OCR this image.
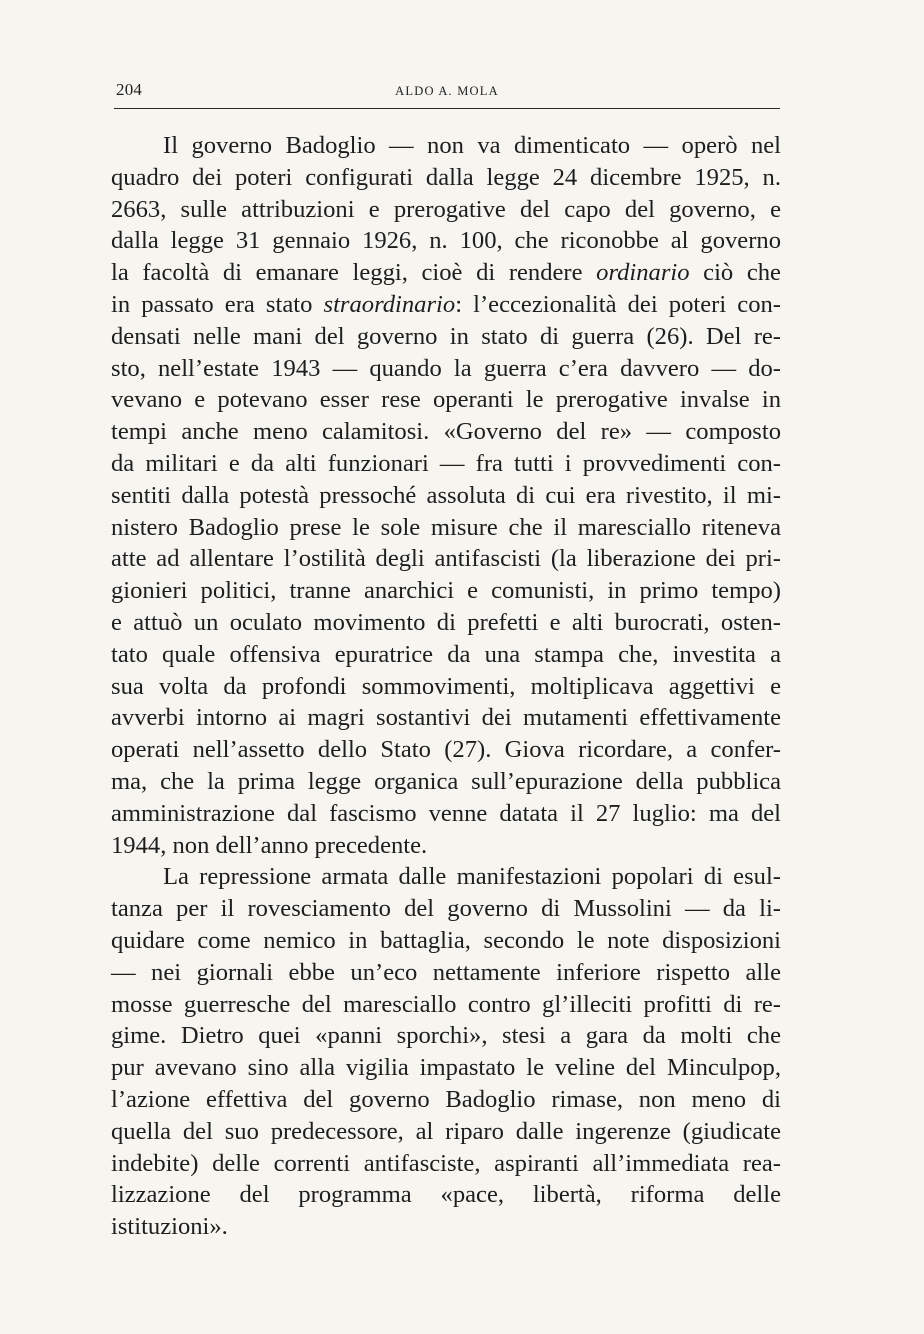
204	ALDO A. MOLA
Il governo Badoglio — non va dimenticato — operò nel
quadro dei poteri configurati dalla legge 24 dicembre 1925, n.
2663, sulle attribuzioni e prerogative del capo del governo, e
dalla legge 31 gennaio 1926, n. 100, che riconobbe al governo
la facoltà di emanare leggi, cioè di rendere ordinario ciò che
in passato era stato straordinario: l’eccezionalità dei poteri con-
densati nelle mani del governo in stato di guerra (26). Del re-
sto, nell’estate 1943 — quando la guerra c’era davvero — do-
vevano e potevano esser rese operanti le prerogative invalse in
tempi anche meno calamitosi. «Governo del re» — composto
da militari e da alti funzionari — fra tutti i provvedimenti con-
sentiti dalla potestà pressoché assoluta di cui era rivestito, il mi-
nistero Badoglio prese le sole misure che il maresciallo riteneva
atte ad allentare l’ostilità degli antifascisti (la liberazione dei pri-
gionieri politici, tranne anarchici e comunisti, in primo tempo)
e attuò un oculato movimento di prefetti e alti burocrati, osten-
tato quale offensiva epuratrice da una stampa che, investita a
sua volta da profondi sommovimenti, moltiplicava aggettivi e
avverbi intorno ai magri sostantivi dei mutamenti effettivamente
operati nell’assetto dello Stato (27). Giova ricordare, a confer-
ma, che la prima legge organica sull’epurazione della pubblica
amministrazione dal fascismo venne datata il 27 luglio: ma del
1944, non dell’anno precedente.
La repressione armata dalle manifestazioni popolari di esul-
tanza per il rovesciamento del governo di Mussolini — da li-
quidare come nemico in battaglia, secondo le note disposizioni
— nei giornali ebbe un’eco nettamente inferiore rispetto alle
mosse guerresche del maresciallo contro gl’illeciti profitti di re-
gime. Dietro quei «panni sporchi», stesi a gara da molti che
pur avevano sino alla vigilia impastato le veline del Minculpop,
l’azione effettiva del governo Badoglio rimase, non meno di
quella del suo predecessore, al riparo dalle ingerenze (giudicate
indebite) delle correnti antifasciste, aspiranti all’immediata rea-
lizzazione del programma «pace, libertà, riforma delle
istituzioni».
